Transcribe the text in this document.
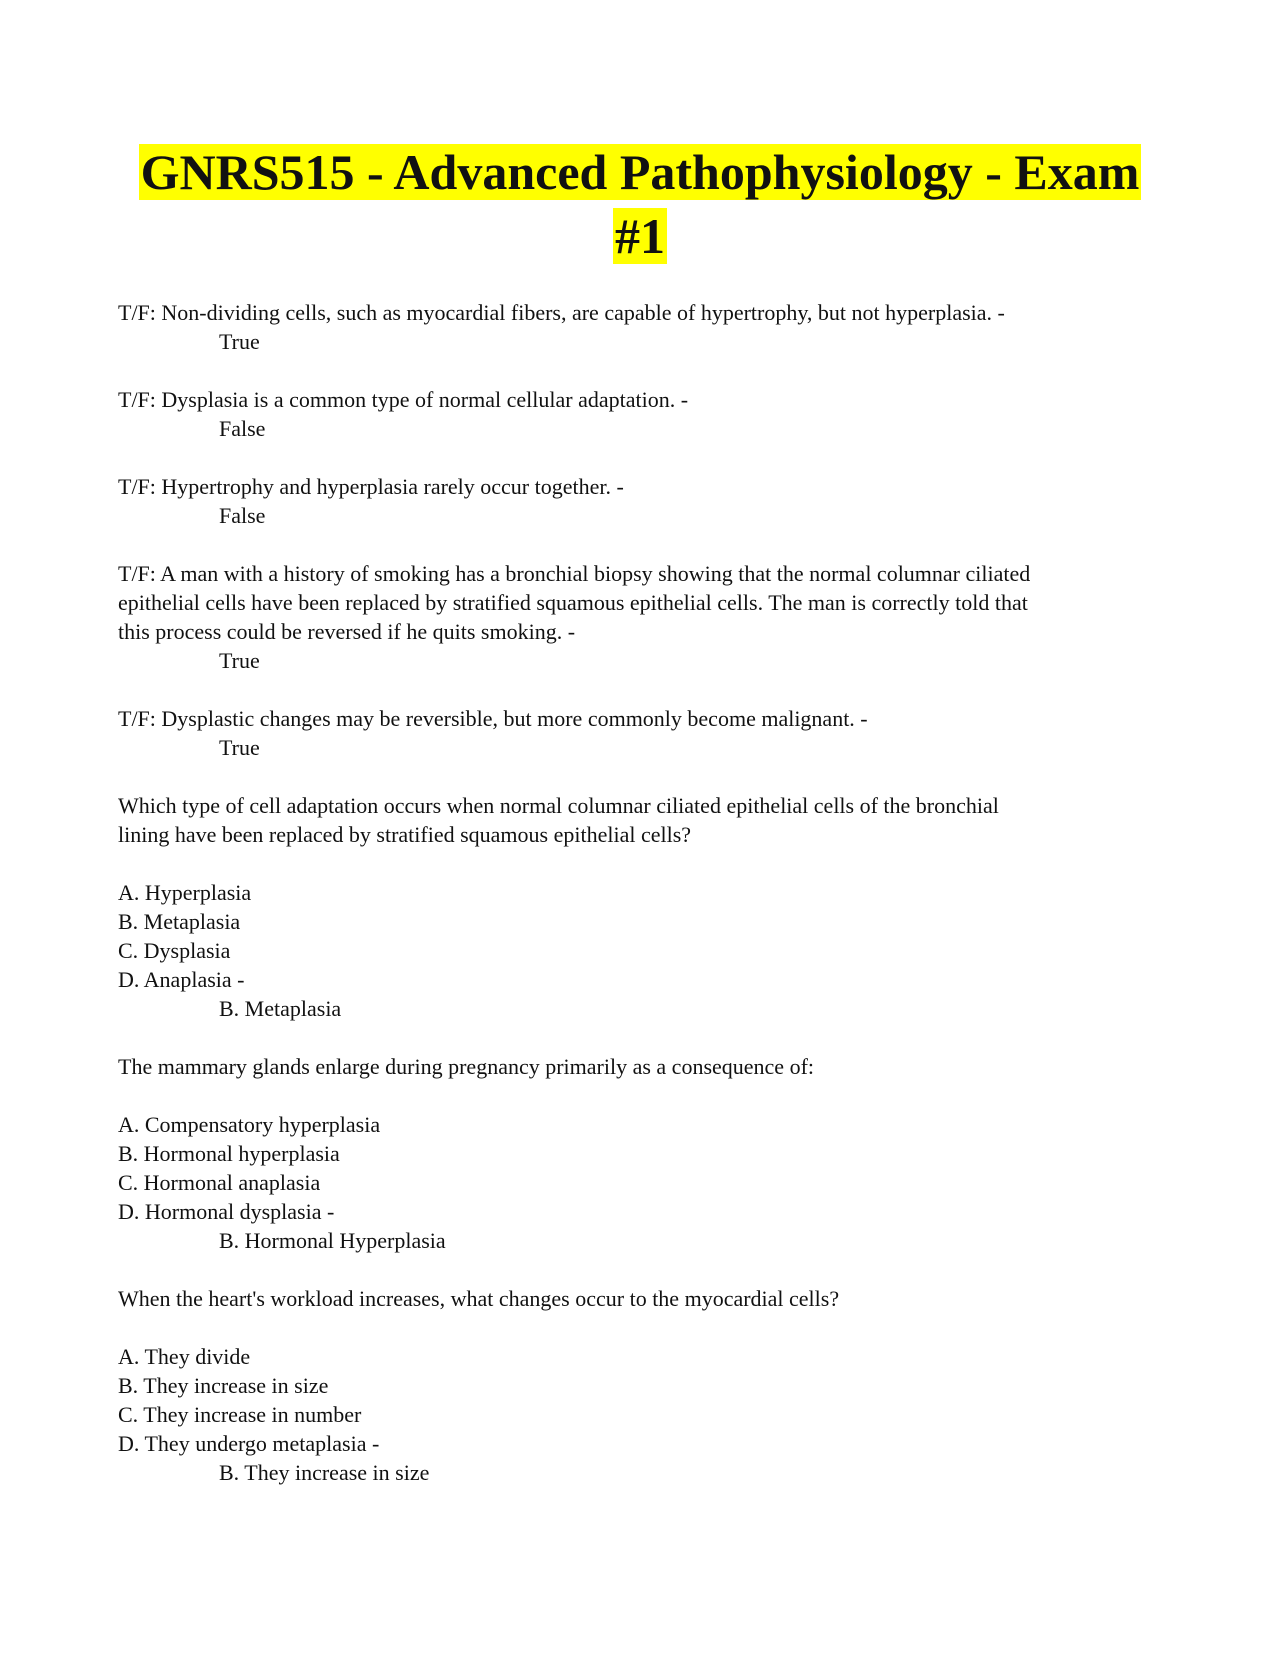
GNRS515 - Advanced Pathophysiology - Exam
#1
T/F: Non-dividing cells, such as myocardial fibers, are capable of hypertrophy, but not hyperplasia. -
True
T/F: Dysplasia is a common type of normal cellular adaptation. -
False
T/F: Hypertrophy and hyperplasia rarely occur together. -
False
T/F: A man with a history of smoking has a bronchial biopsy showing that the normal columnar ciliated
epithelial cells have been replaced by stratified squamous epithelial cells. The man is correctly told that
this process could be reversed if he quits smoking. -
True
T/F: Dysplastic changes may be reversible, but more commonly become malignant. -
True
Which type of cell adaptation occurs when normal columnar ciliated epithelial cells of the bronchial
lining have been replaced by stratified squamous epithelial cells?
A. Hyperplasia
B. Metaplasia
C. Dysplasia
D. Anaplasia -
B. Metaplasia
The mammary glands enlarge during pregnancy primarily as a consequence of:
A. Compensatory hyperplasia
B. Hormonal hyperplasia
C. Hormonal anaplasia
D. Hormonal dysplasia -
B. Hormonal Hyperplasia
When the heart's workload increases, what changes occur to the myocardial cells?
A. They divide
B. They increase in size
C. They increase in number
D. They undergo metaplasia -
B. They increase in size
